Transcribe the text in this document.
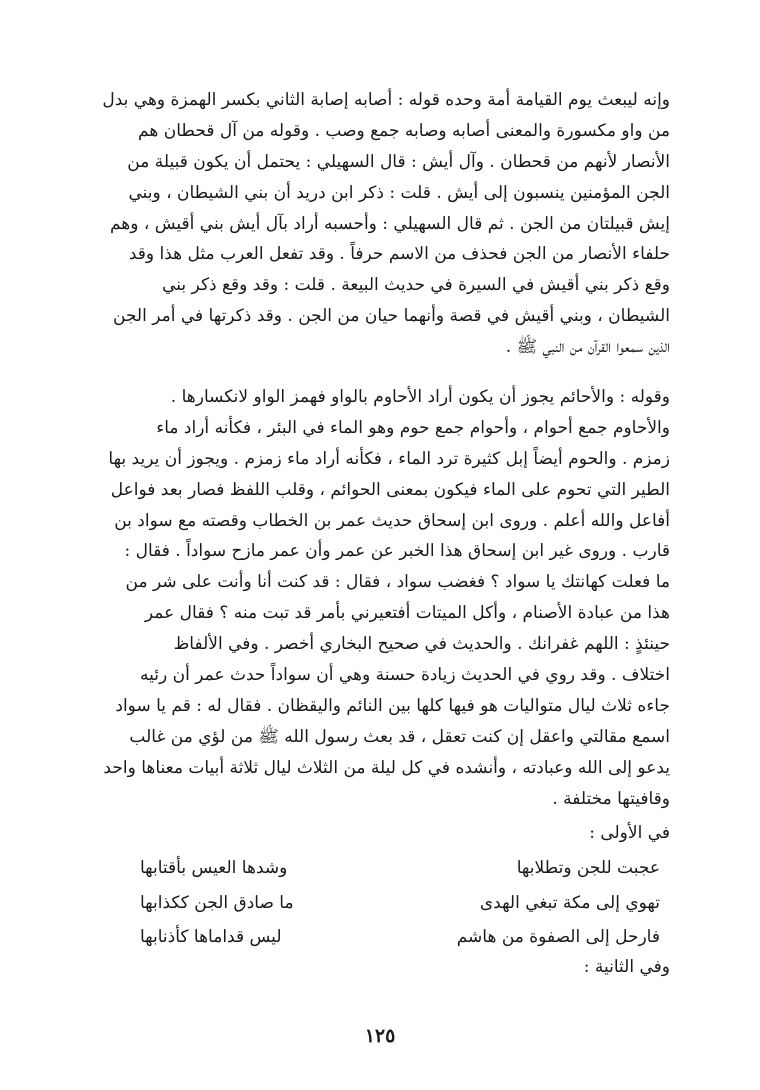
وإنه ليبعث يوم القيامة أمة وحده قوله : أصابه إصابة الثاني بكسر الهمزة وهي بدل
من واو مكسورة والمعنى أصابه وصابه جمع وصب . وقوله من آل قحطان هم
الأنصار لأنهم من قحطان . وآل أيش : قال السهيلي : يحتمل أن يكون قبيلة من
الجن المؤمنين ينسبون إلى أيش . قلت : ذكر ابن دريد أن بني الشيطان ، وبني
إيش قبيلتان من الجن . ثم قال السهيلي : وأحسبه أراد بآل أيش بني أقيش ، وهم
حلفاء الأنصار من الجن فحذف من الاسم حرفاً . وقد تفعل العرب مثل هذا وقد
وقع ذكر بني أقيش في السيرة في حديث البيعة . قلت : وقد وقع ذكر بني
الشيطان ، وبني أقيش في قصة وأنهما حيان من الجن . وقد ذكرتها في أمر الجن
الذين سمعوا القرآن من النبي ﷺ .
وقوله : والأحائم يجوز أن يكون أراد الأحاوم بالواو فهمز الواو لانكسارها .
والأحاوم جمع أحوام ، وأحوام جمع حوم وهو الماء في البئر ، فكأنه أراد ماء
زمزم . والحوم أيضاً إبل كثيرة ترد الماء ، فكأنه أراد ماء زمزم . ويجوز أن يريد بها
الطير التي تحوم على الماء فيكون بمعنى الحوائم ، وقلب اللفظ فصار بعد فواعل
أفاعل والله أعلم . وروى ابن إسحاق حديث عمر بن الخطاب وقصته مع سواد بن
قارب . وروى غير ابن إسحاق هذا الخبر عن عمر وأن عمر مازح سواداً . فقال :
ما فعلت كهانتك يا سواد ؟ فغضب سواد ، فقال : قد كنت أنا وأنت على شر من
هذا من عبادة الأصنام ، وأكل الميتات أفتعيرني بأمر قد تبت منه ؟ فقال عمر
حينئذٍ : اللهم غفرانك . والحديث في صحيح البخاري أخصر . وفي الألفاظ
اختلاف . وقد روي في الحديث زيادة حسنة وهي أن سواداً حدث عمر أن رئيه
جاءه ثلاث ليال متواليات هو فيها كلها بين النائم واليقظان . فقال له : قم يا سواد
اسمع مقالتي واعقل إن كنت تعقل ، قد بعث رسول الله ﷺ من لؤي من غالب
يدعو إلى الله وعبادته ، وأنشده في كل ليلة من الثلاث ليال ثلاثة أبيات معناها واحد
وقافيتها مختلفة .
في الأولى :
عجبت للجن وتطلابها
وشدها العيس بأقتابها
تهوي إلى مكة تبغي الهدى
ما صادق الجن ككذابها
فارحل إلى الصفوة من هاشم
ليس قداماها كأذنابها
وفي الثانية :
١٢٥
